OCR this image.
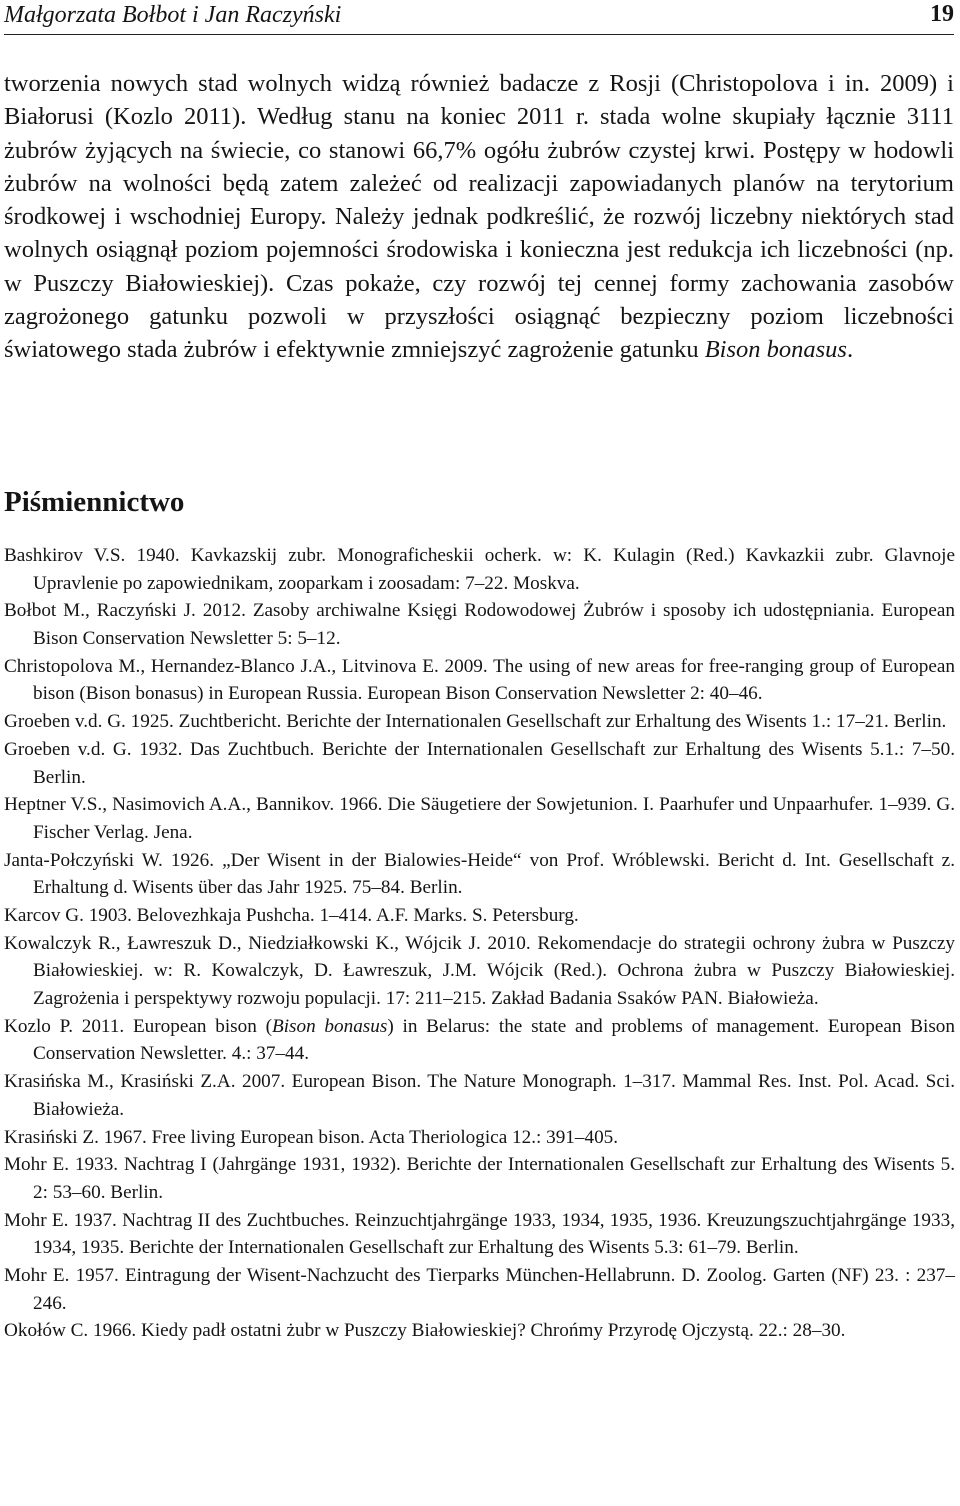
Małgorzata Bołbot i Jan Raczyński	19

tworzenia nowych stad wolnych widzą również badacze z Rosji (Christopolova i in. 2009) i Białorusi (Kozlo 2011). Według stanu na koniec 2011 r. stada wolne skupiały łącznie 3111 żubrów żyjących na świecie, co stanowi 66,7% ogółu żubrów czystej krwi. Postępy w hodowli żubrów na wolności będą zatem zależeć od realizacji zapowiadanych planów na terytorium środkowej i wschodniej Europy. Należy jednak podkreślić, że rozwój liczebny niektórych stad wolnych osiągnął poziom pojemności środowiska i konieczna jest redukcja ich liczebności (np. w Puszczy Białowieskiej). Czas pokaże, czy rozwój tej cennej formy zachowania zasobów zagrożonego gatunku pozwoli w przyszłości osiągnąć bezpieczny poziom liczebności światowego stada żubrów i efektywnie zmniejszyć zagrożenie gatunku Bison bonasus.

Piśmiennictwo
Bashkirov V.S. 1940. Kavkazskij zubr. Monograficheskii ocherk. w: K. Kulagin (Red.) Kavkazkii zubr. Glavnoje Upravlenie po zapowiednikam, zooparkam i zoosadam: 7–22. Moskva.
Bołbot M., Raczyński J. 2012. Zasoby archiwalne Księgi Rodowodowej Żubrów i sposoby ich udostępniania. European Bison Conservation Newsletter 5: 5–12.
Christopolova M., Hernandez-Blanco J.A., Litvinova E. 2009. The using of new areas for free-ranging group of European bison (Bison bonasus) in European Russia. European Bison Conservation Newsletter 2: 40–46.
Groeben v.d. G. 1925. Zuchtbericht. Berichte der Internationalen Gesellschaft zur Erhaltung des Wisents 1.: 17–21. Berlin.
Groeben v.d. G. 1932. Das Zuchtbuch. Berichte der Internationalen Gesellschaft zur Erhaltung des Wisents 5.1.: 7–50. Berlin.
Heptner V.S., Nasimovich A.A., Bannikov. 1966. Die Säugetiere der Sowjetunion. I. Paarhufer und Unpaarhufer. 1–939. G. Fischer Verlag. Jena.
Janta-Połczyński W. 1926. „Der Wisent in der Bialowies-Heide“ von Prof. Wróblewski. Bericht d. Int. Gesellschaft z. Erhaltung d. Wisents über das Jahr 1925. 75–84. Berlin.
Karcov G. 1903. Belovezhkaja Pushcha. 1–414. A.F. Marks. S. Petersburg.
Kowalczyk R., Ławreszuk D., Niedziałkowski K., Wójcik J. 2010. Rekomendacje do strategii ochrony żubra w Puszczy Białowieskiej. w: R. Kowalczyk, D. Ławreszuk, J.M. Wójcik (Red.). Ochrona żubra w Puszczy Białowieskiej. Zagrożenia i perspektywy rozwoju populacji. 17: 211–215. Zakład Badania Ssaków PAN. Białowieża.
Kozlo P. 2011. European bison (Bison bonasus) in Belarus: the state and problems of management. European Bison Conservation Newsletter. 4.: 37–44.
Krasińska M., Krasiński Z.A. 2007. European Bison. The Nature Monograph. 1–317. Mammal Res. Inst. Pol. Acad. Sci. Białowieża.
Krasiński Z. 1967. Free living European bison. Acta Theriologica 12.: 391–405.
Mohr E. 1933. Nachtrag I (Jahrgänge 1931, 1932). Berichte der Internationalen Gesellschaft zur Erhaltung des Wisents 5. 2: 53–60. Berlin.
Mohr E. 1937. Nachtrag II des Zuchtbuches. Reinzuchtjahrgänge 1933, 1934, 1935, 1936. Kreuzungszuchtjahrgänge 1933, 1934, 1935. Berichte der Internationalen Gesellschaft zur Erhaltung des Wisents 5.3: 61–79. Berlin.
Mohr E. 1957. Eintragung der Wisent-Nachzucht des Tierparks München-Hellabrunn. D. Zoolog. Garten (NF) 23. : 237–246.
Okołów C. 1966. Kiedy padł ostatni żubr w Puszczy Białowieskiej? Chrońmy Przyrodę Ojczystą. 22.: 28–30.
